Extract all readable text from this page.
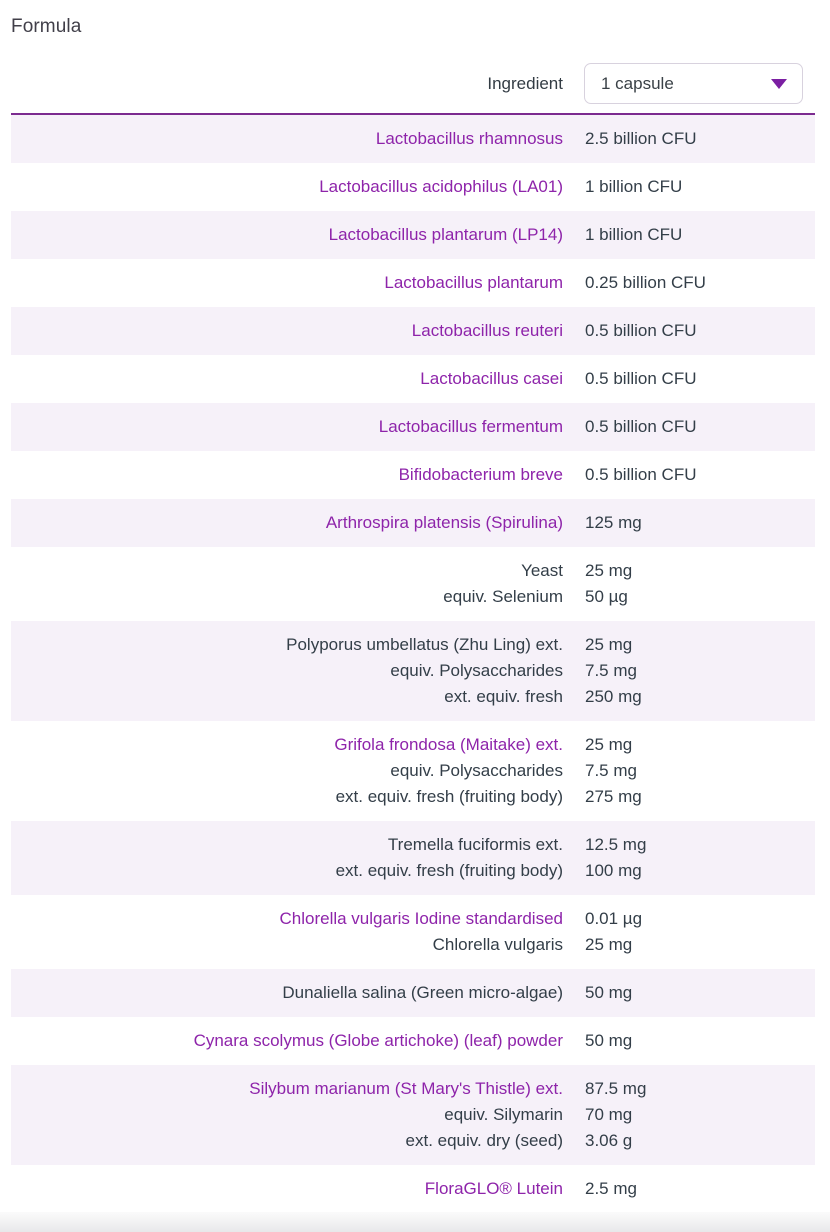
Formula
Ingredient 1 capsule
Lactobacillus rhamnosus 2.5 billion CFU
Lactobacillus acidophilus (LA01) 1 billion CFU
Lactobacillus plantarum (LP14) 1 billion CFU
Lactobacillus plantarum 0.25 billion CFU
Lactobacillus reuteri 0.5 billion CFU
Lactobacillus casei 0.5 billion CFU
Lactobacillus fermentum 0.5 billion CFU
Bifidobacterium breve 0.5 billion CFU
Arthrospira platensis (Spirulina) 125 mg
Yeast
equiv. Selenium
25 mg
50 µg
Polyporus umbellatus (Zhu Ling) ext.
equiv. Polysaccharides
ext. equiv. fresh
25 mg
7.5 mg
250 mg
Grifola frondosa (Maitake) ext.
equiv. Polysaccharides
ext. equiv. fresh (fruiting body)
25 mg
7.5 mg
275 mg
Tremella fuciformis ext.
ext. equiv. fresh (fruiting body)
12.5 mg
100 mg
Chlorella vulgaris Iodine standardised
Chlorella vulgaris
0.01 µg
25 mg
Dunaliella salina (Green micro-algae) 50 mg
Cynara scolymus (Globe artichoke) (leaf) powder 50 mg
Silybum marianum (St Mary's Thistle) ext.
equiv. Silymarin
ext. equiv. dry (seed)
87.5 mg
70 mg
3.06 g
FloraGLO® Lutein 2.5 mg
